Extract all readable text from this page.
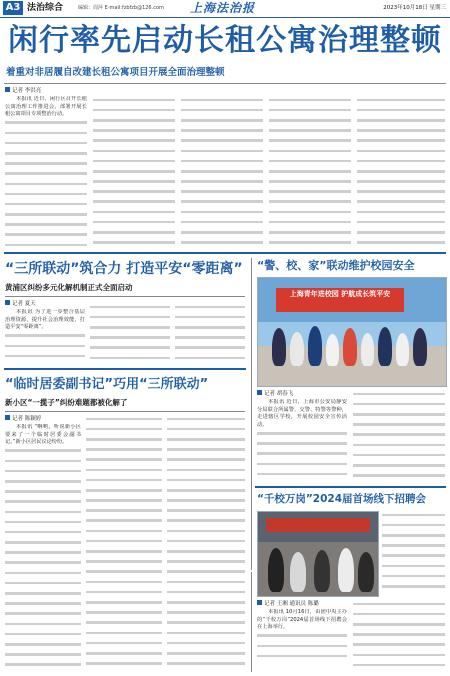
A3 法治综合	编辑：周萍 E-mail:fzbfzb@126.com 上海法治报	2023年10月18日 星期三
闲行率先启动长租公寓治理整顿
着重对非居履自改建长租公寓项目开展全面治理整顿
记者 李洪亮

本报讯 近日，闲行区召开长租公寓治理工作推进会，部署开展长租公寓项目专项整治行动。

“三所联动”筑合力 打造平安“零距离”
黄浦区纠纷多元化解机制正式全面启动
记者 夏天

本报讯 为了进一步整合基层治理资源，提升社会治理效能，打造平安“零距离”。

“警、校、家”联动维护校园安全
上海青年进校园 护航成长筑平安
记者 胡春飞

本报讯 近日，上海市公安局静安分局联合所属警、交警、特警等警种，走进辖区学校，开展校园安全宣传活动。

“临时居委副书记”巧用“三所联动”
新小区“一揽子”纠纷难题都被化解了
记者 陈颖婷

本报讯 “啊哟，听说新小区要来了一个临时居委会副书记。”新小区居民议论纷纷。

“千校万岗”2024届首场线下招聘会
记者 王湘 通讯员 陈璐

本报讯 10月16日，由团中央主办的“千校万岗”2024届首场线下招聘会在上海举行。
